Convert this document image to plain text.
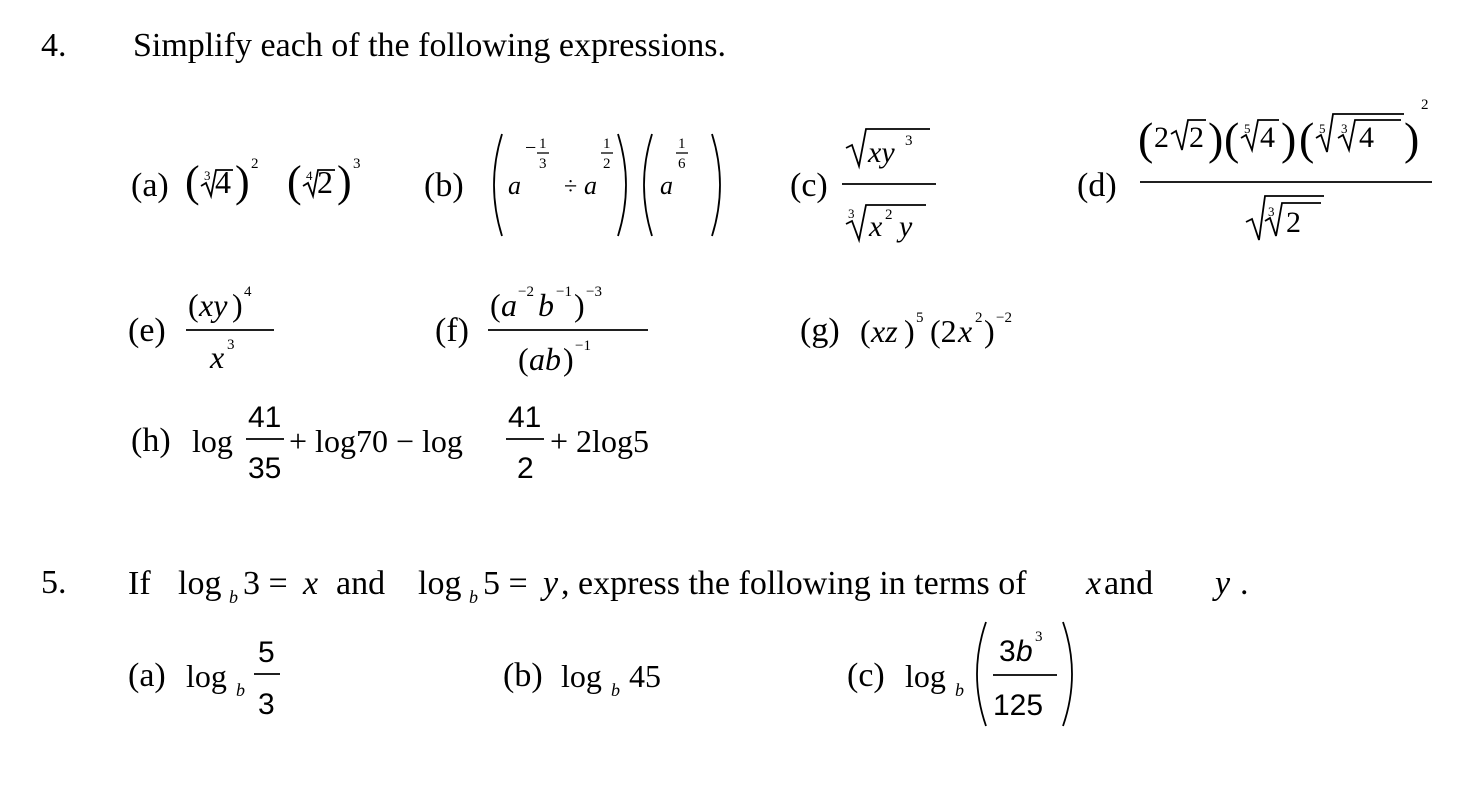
4. Simplify each of the following expressions.
(a) ( 3 4 ) 2 ( 4 2 ) 3
(b) a
− 1
3
÷ a
1
2
a
1
6
(c)
xy 3
3 x 2 y
(d)
( 2 2 ) ( 5 4 ) ( 5 3 4 )
2
3 2
(e)
( xy ) 4
x 3	(f)
( a −2 b −1 ) −3
( ab ) −1	(g) ( xz ) 5 (2 x 2 ) −2
(h) log
41
35
+ log70 − log
41
2
+ 2log5
5. If log b 3 = x and log b 5 = y , express the following in terms of x and y .
(a) log b
5
3
(b) log b 45	(c) log b
3 b 3
125
